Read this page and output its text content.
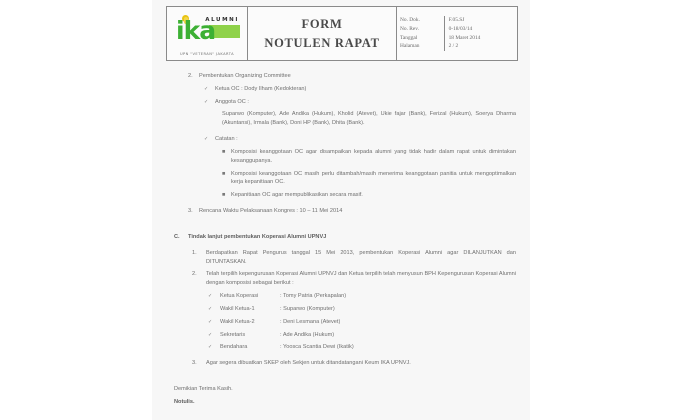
ika
ALUMNI
UPN "VETERAN" JAKARTA

FORM
NOTULEN RAPAT

No. Dok.	F.05.SJ
No. Rev.	0-18/03/14
Tanggal	18 Maret 2014
Halaman	2 / 2
2.	Pembentukan Organizing Committee
✓	Ketua OC : Dody Ilham (Kedokteran)
✓	Anggota OC :
Suparwo (Komputer), Ade Andika (Hukum), Kholid (Atevet), Ukie fajar (Bank), Ferizal (Hukum), Soerya Dharma (Akuntansi), Irmala (Bank), Doni HP (Bank), Dhita (Bank).
✓	Catatan :
■	Komposisi keanggotaan OC agar disampaikan kepada alumni yang tidak hadir dalam rapat untuk dimintakan kesanggupanya.
■	Komposisi keanggotaan OC masih perlu ditambah/masih menerima keanggotaan panitia untuk mengoptimalkan kerja kepanitiaan OC.
■	Kepanitiaan OC agar mempublikasikan secara masif.
3.	Rencana Waktu Pelaksanaan Kongres : 10 – 11 Mei 2014
C.	Tindak lanjut pembentukan Koperasi Alumni UPNVJ
1.	Berdapatkan Rapat Pengurus tanggal 15 Mei 2013, pembentukan Koperasi Alumni agar DILANJUTKAN dan DITUNTASKAN.
2.	Telah terpilih kepengurusan Koperasi Alumni UPNVJ dan Ketua terpilih telah menyusun BPH Kepengurusan Koperasi Alumni dengan komposisi sebagai berikut :
✓	Ketua Koperasi	: Tomy Patria (Perkapalan)
✓	Wakil Ketua-1	: Suparwo (Komputer)
✓	Wakil Ketua-2	: Deni Lesmana (Atevet)
✓	Sekretaris	: Ade Andika (Hukum)
✓	Bendahara	: Yoosca Scantia Dewi (Ikatik)
3.	Agar segera dibuatkan SKEP oleh Sekjen untuk ditandatangani Keum IKA UPNVJ.
Demikian Terima Kasih.
Notulis.
